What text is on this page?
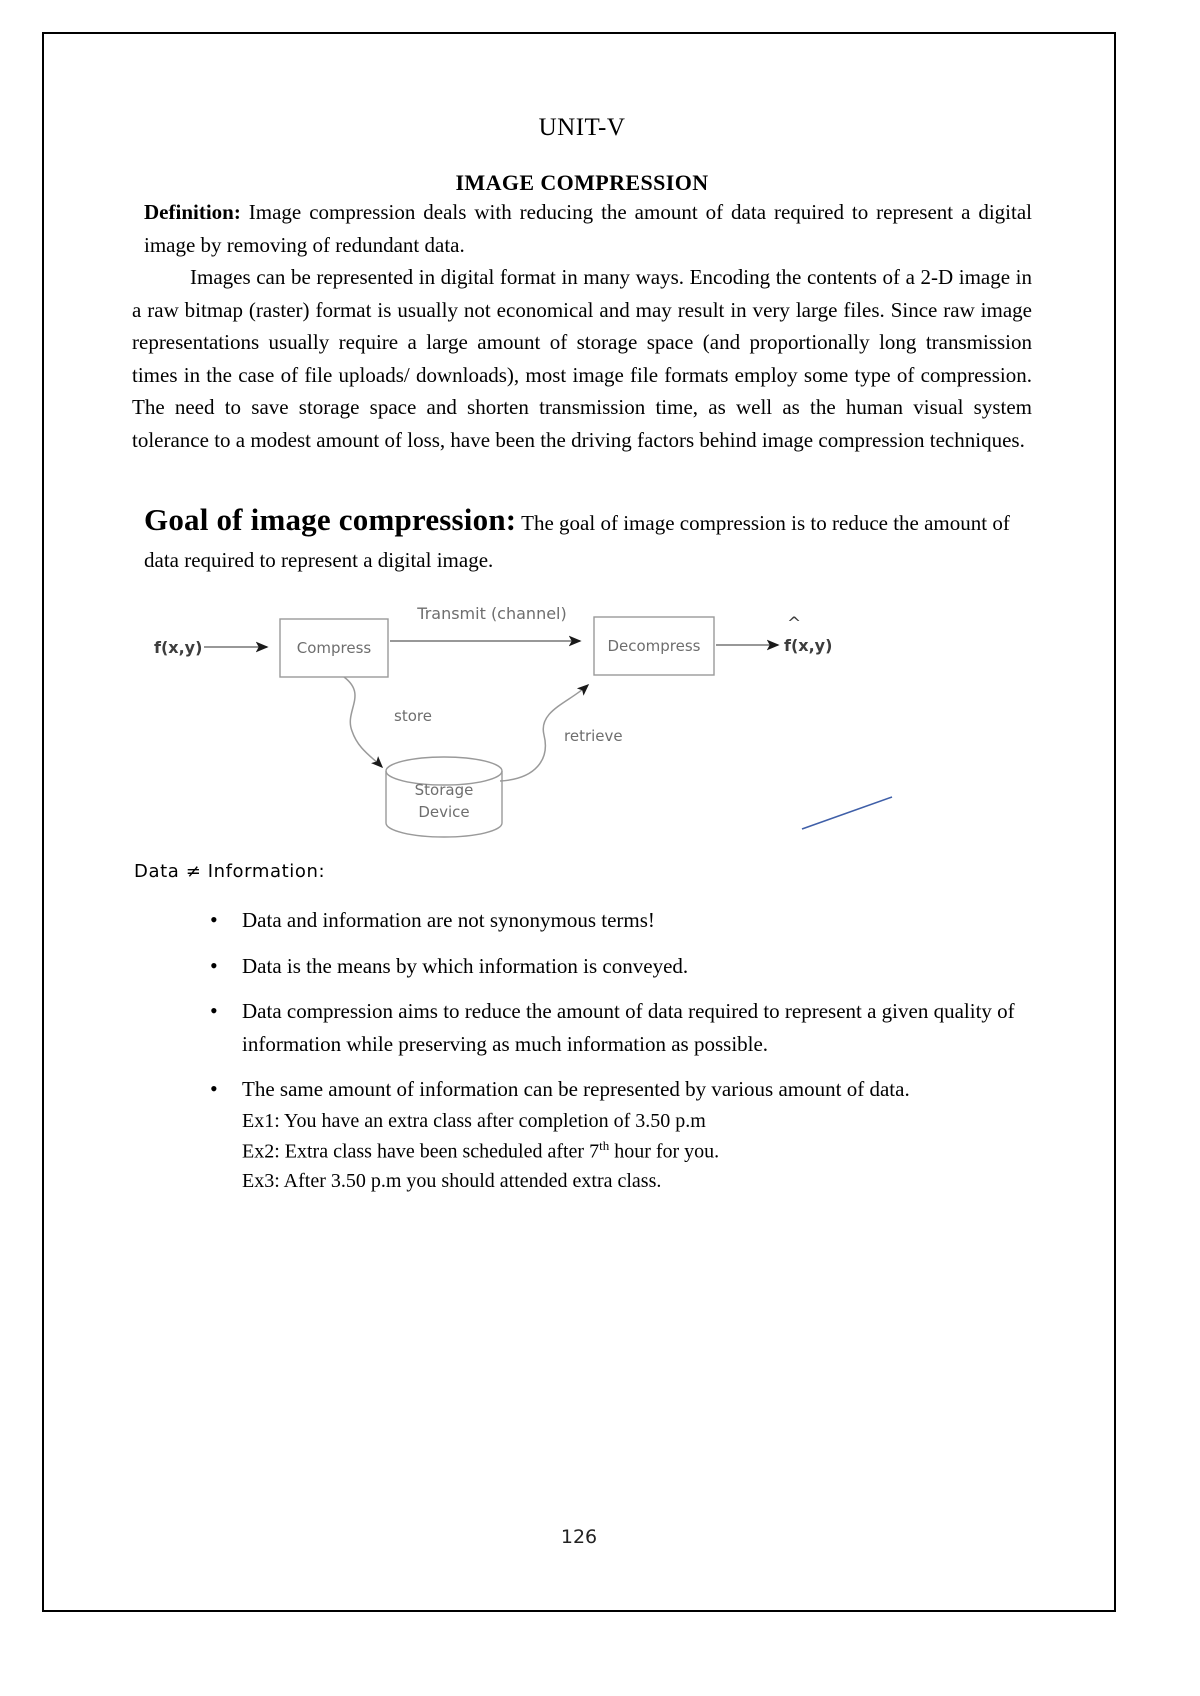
UNIT-V
IMAGE COMPRESSION

Definition: Image compression deals with reducing the amount of data required to represent a digital image by removing of redundant data.

Images can be represented in digital format in many ways. Encoding the contents of a 2-D image in a raw bitmap (raster) format is usually not economical and may result in very large files. Since raw image representations usually require a large amount of storage space (and proportionally long transmission times in the case of file uploads/ downloads), most image file formats employ some type of compression. The need to save storage space and shorten transmission time, as well as the human visual system tolerance to a modest amount of loss, have been the driving factors behind image compression techniques.

Goal of image compression: The goal of image compression is to reduce the amount of data required to represent a digital image.
f(x,y)	Compress
Transmit (channel)
Decompress
^
f(x,y)
store
retrieve
Storage
Device
Data ≠ Information:
• Data and information are not synonymous terms!
• Data is the means by which information is conveyed.
• Data compression aims to reduce the amount of data required to represent a given quality of information while preserving as much information as possible.
• The same amount of information can be represented by various amount of data.
Ex1: You have an extra class after completion of 3.50 p.m
Ex2: Extra class have been scheduled after 7th hour for you.
Ex3: After 3.50 p.m you should attended extra class.
126
